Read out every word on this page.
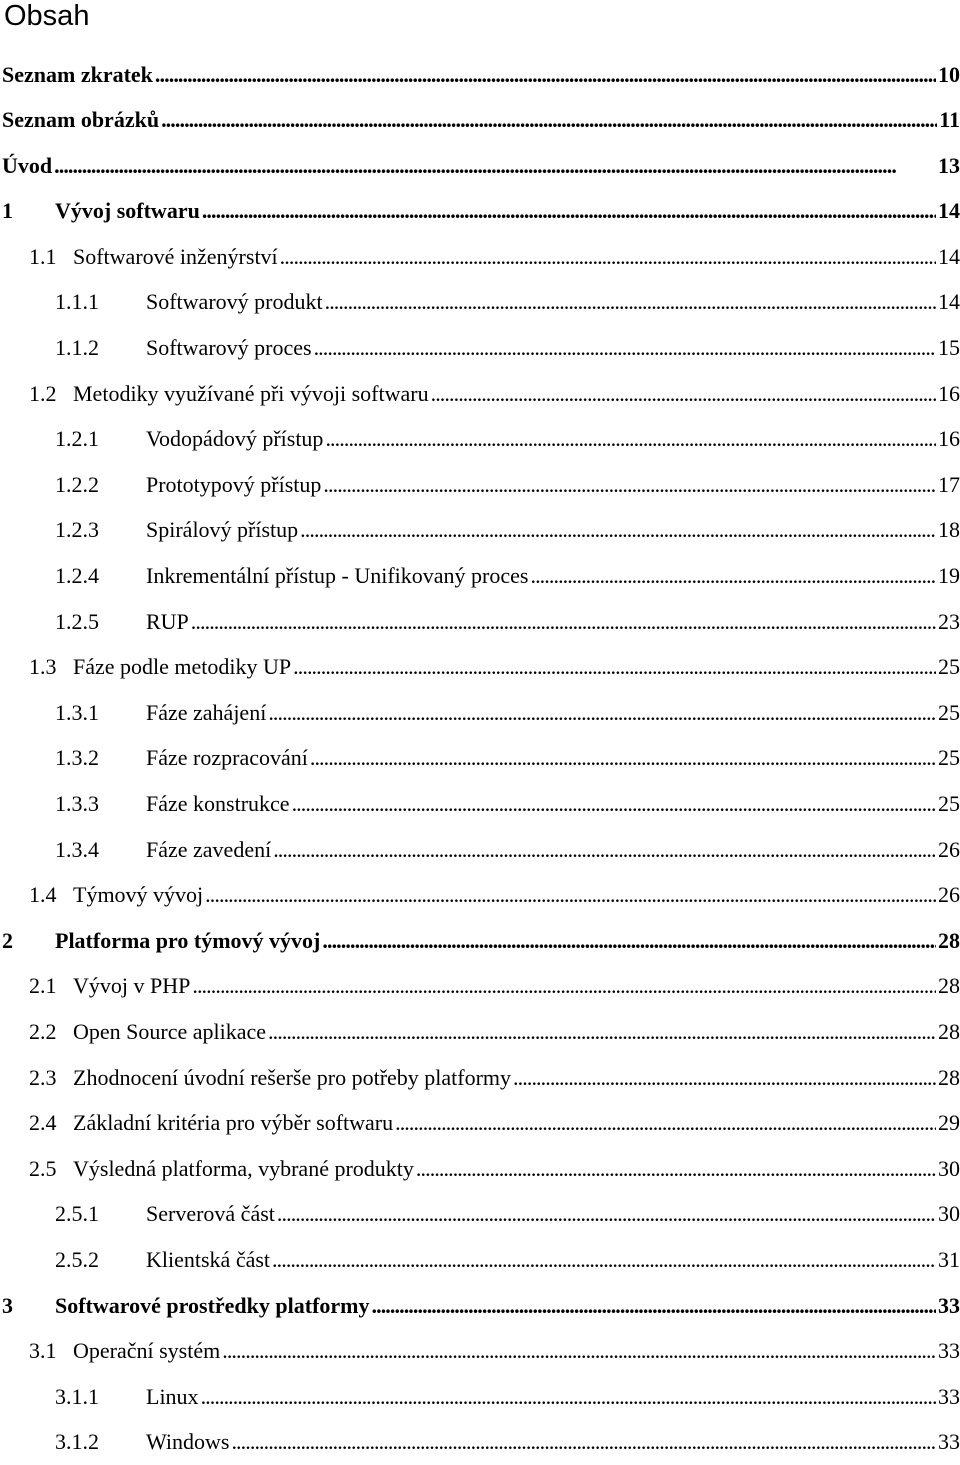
Obsah
Seznam zkratek . . .	10
Seznam obrázků . . .	11
Úvod . . .	13
1 Vývoj softwaru . . .	14
1.1 Softwarové inženýrství . . .	14
1.1.1 Softwarový produkt . . .	14
1.1.2 Softwarový proces . . .	15
1.2 Metodiky využívané při vývoji softwaru . . .	16
1.2.1 Vodopádový přístup . . .	16
1.2.2 Prototypový přístup . . .	17
1.2.3 Spirálový přístup . . .	18
1.2.4 Inkrementální přístup - Unifikovaný proces . . .	19
1.2.5 RUP . . .	23
1.3 Fáze podle metodiky UP . . .	25
1.3.1 Fáze zahájení . . .	25
1.3.2 Fáze rozpracování . . .	25
1.3.3 Fáze konstrukce . . .	25
1.3.4 Fáze zavedení . . .	26
1.4 Týmový vývoj . . .	26
2 Platforma pro týmový vývoj . . .	28
2.1 Vývoj v PHP . . .	28
2.2 Open Source aplikace . . .	28
2.3 Zhodnocení úvodní rešerše pro potřeby platformy . . .	28
2.4 Základní kritéria pro výběr softwaru . . .	29
2.5 Výsledná platforma, vybrané produkty . . .	30
2.5.1 Serverová část . . .	30
2.5.2 Klientská část . . .	31
3 Softwarové prostředky platformy . . .	33
3.1 Operační systém . . .	33
3.1.1 Linux . . .	33
3.1.2 Windows . . .	33
